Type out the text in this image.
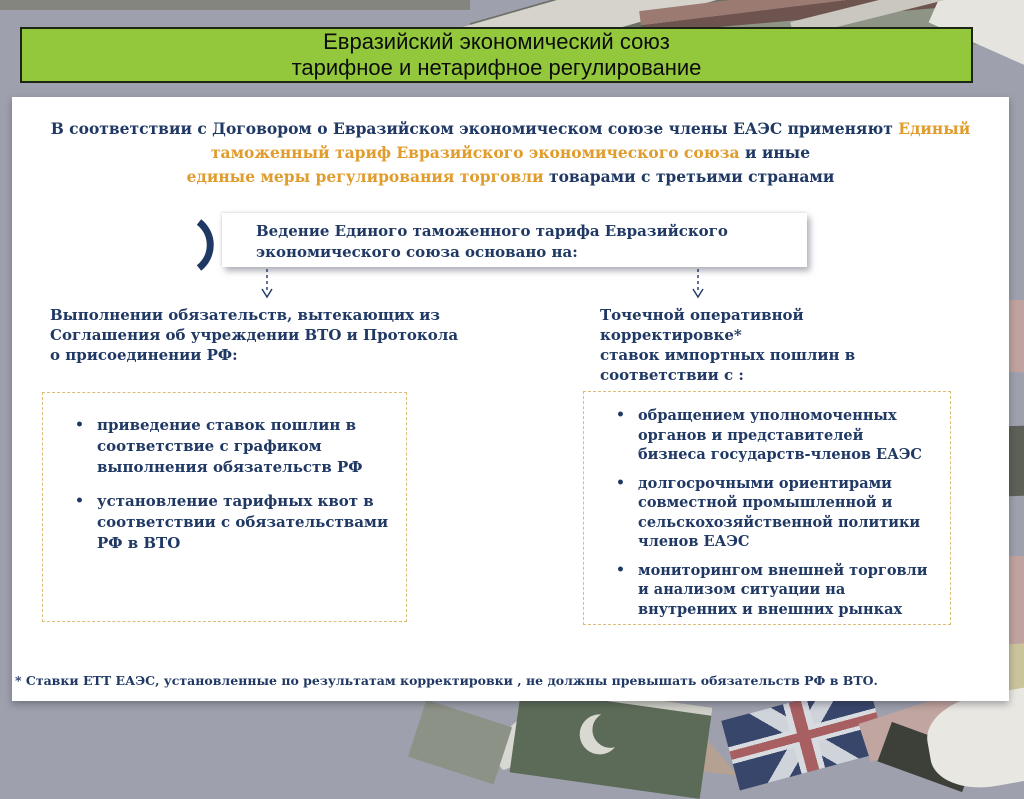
Евразийский экономический союз
тарифное и нетарифное регулирование

В соответствии с Договором о Евразийском экономическом союзе члены ЕАЭС применяют Единый
таможенный тариф Евразийского экономического союза и иные
единые меры регулирования торговли товарами с третьими странами

Ведение Единого таможенного тарифа Евразийского
экономического союза основано на:
Выполнении обязательств, вытекающих из
Соглашения об учреждении ВТО и Протокола
о присоединении РФ:
Точечной оперативной корректировке*
ставок импортных пошлин в
соответствии с :
• приведение ставок пошлин в соответствие с графиком выполнения обязательств РФ
• установление тарифных квот в соответствии с обязательствами РФ в ВТО
• обращением уполномоченных органов и представителей бизнеса государств-членов ЕАЭС
• долгосрочными ориентирами совместной промышленной и сельскохозяйственной политики членов ЕАЭС
• мониторингом внешней торговли и анализом ситуации на внутренних и внешних рынках
* Ставки ЕТТ ЕАЭС, установленные по результатам корректировки , не должны превышать обязательств РФ в ВТО.
